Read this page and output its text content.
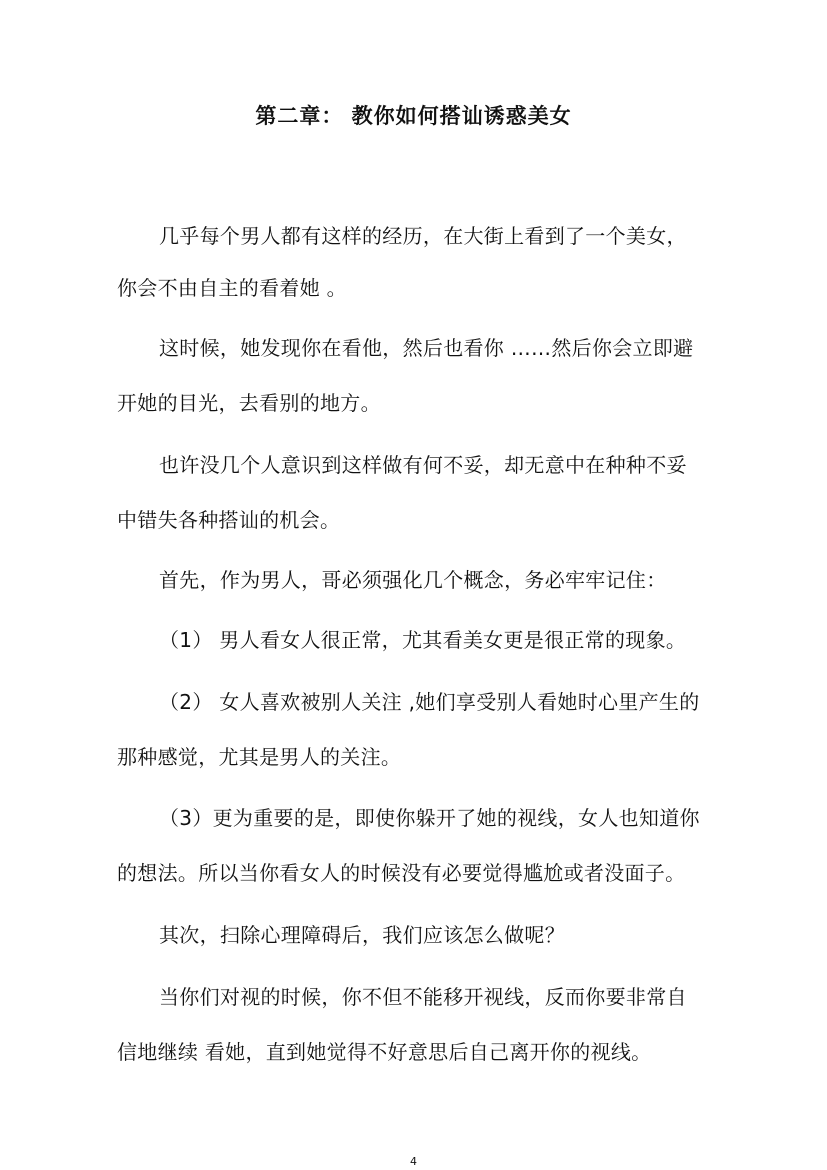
第二章： 教你如何搭讪诱惑美女
几乎每个男人都有这样的经历，在大街上看到了一个美女，
你会不由自主的看着她 。
这时候，她发现你在看他，然后也看你 ……然后你会立即避
开她的目光，去看别的地方。
也许没几个人意识到这样做有何不妥，却无意中在种种不妥
中错失各种搭讪的机会。
首先，作为男人，哥必须强化几个概念，务必牢牢记住：
（1） 男人看女人很正常，尤其看美女更是很正常的现象。
（2） 女人喜欢被别人关注 ,她们享受别人看她时心里产生的
那种感觉，尤其是男人的关注。
（3）更为重要的是，即使你躲开了她的视线，女人也知道你
的想法。所以当你看女人的时候没有必要觉得尴尬或者没面子。
其次，扫除心理障碍后，我们应该怎么做呢？
当你们对视的时候，你不但不能移开视线，反而你要非常自
信地继续 看她，直到她觉得不好意思后自己离开你的视线。
4
